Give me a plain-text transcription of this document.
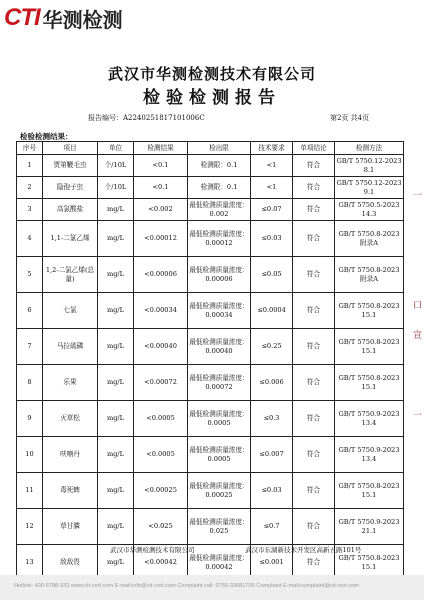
CTI 华测检测
武汉市华测检测技术有限公司
检验检测报告
报告编号：A2240251817101006C	第2页 共4页
检验检测结果：
序号	项目	单位	检测结果	检出限	技术要求	单项结论	检测方法
1	贾第鞭毛虫	个/10L	<0.1	检测限：0.1	<1	符合	GB/T 5750.12-2023 8.1
2	隐孢子虫	个/10L	<0.1	检测限：0.1	<1	符合	GB/T 5750.12-2023 9.1
3	高氯酸盐	mg/L	<0.002	最低检测质量浓度：0.002	≤0.07	符合	GB/T 5750.5-2023 14.3
4	1,1-二氯乙烯	mg/L	<0.00012	最低检测质量浓度：0.00012	≤0.03	符合	GB/T 5750.8-2023 附录A
5	1,2-二氯乙烯(总量)	mg/L	<0.00006	最低检测质量浓度：0.00006	≤0.05	符合	GB/T 5750.8-2023 附录A
6	七氯	mg/L	<0.00034	最低检测质量浓度：0.00034	≤0.0004	符合	GB/T 5750.8-2023 15.1
7	马拉硫磷	mg/L	<0.00040	最低检测质量浓度：0.00040	≤0.25	符合	GB/T 5750.8-2023 15.1
8	乐果	mg/L	<0.00072	最低检测质量浓度：0.00072	≤0.006	符合	GB/T 5750.8-2023 15.1
9	灭草松	mg/L	<0.0005	最低检测质量浓度：0.0005	≤0.3	符合	GB/T 5750.9-2023 13.4
10	呋喃丹	mg/L	<0.0005	最低检测质量浓度：0.0005	≤0.007	符合	GB/T 5750.9-2023 13.4
11	毒死蜱	mg/L	<0.00025	最低检测质量浓度：0.00025	≤0.03	符合	GB/T 5750.8-2023 15.1
12	草甘膦	mg/L	<0.025	最低检测质量浓度：0.025	≤0.7	符合	GB/T 5750.9-2023 21.1
13	敌敌畏	mg/L	<0.00042	最低检测质量浓度：0.00042	≤0.001	符合	GB/T 5750.8-2023 15.1
武汉市华测检测技术有限公司	武汉市东湖新技术开发区高新五路101号
Hotline: 400-6788-333 www.cti-cert.com E-mail:info@cti-cert.com Complaint call: 0755-33681700 Complaint E-mail:complaint@cti-cert.com
一
口
宣
一
